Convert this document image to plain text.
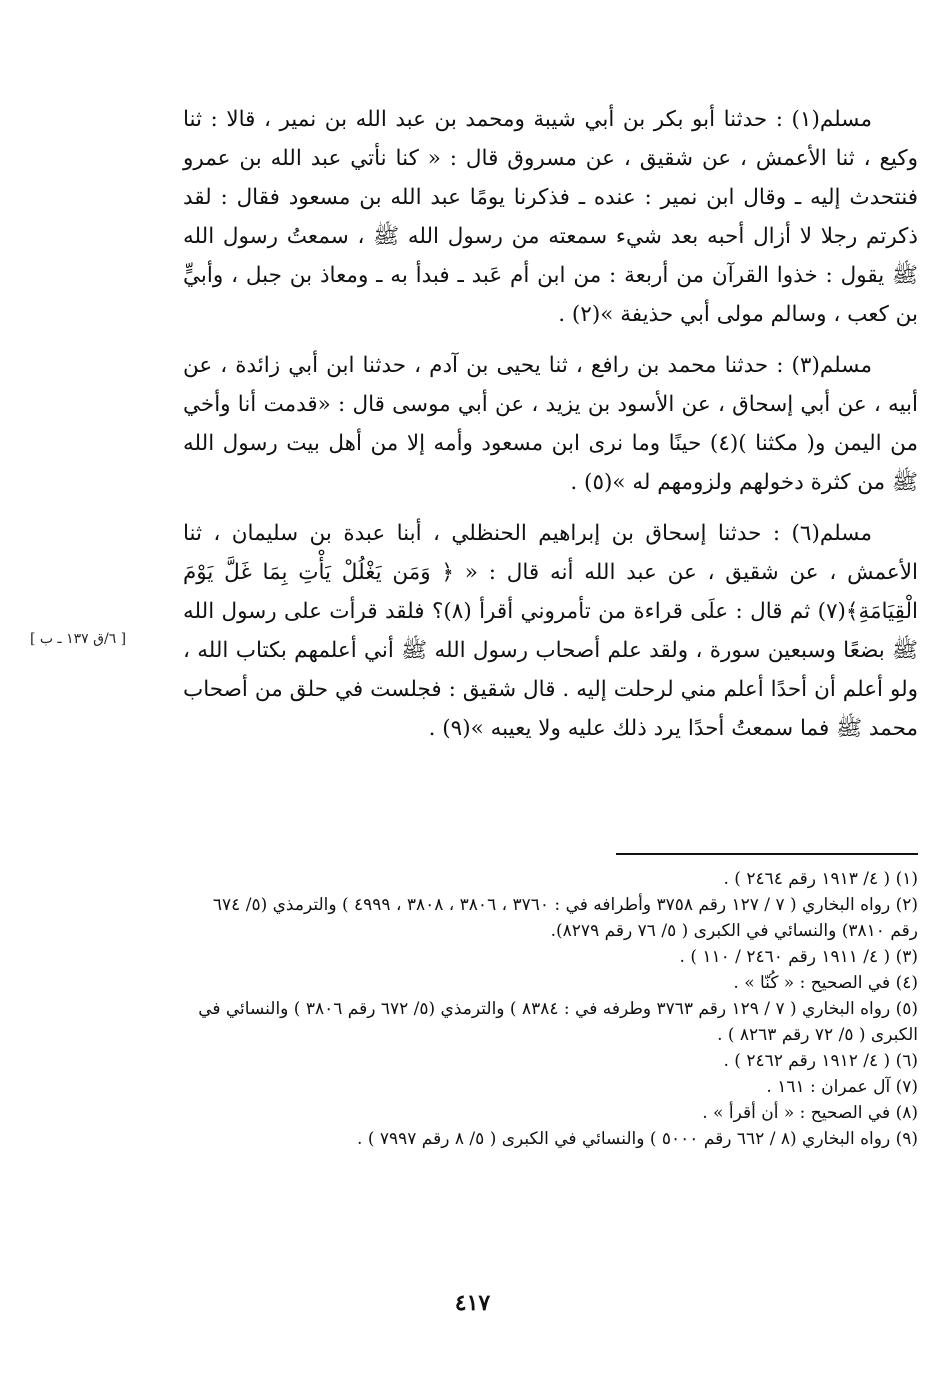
مسلم(١) : حدثنا أبو بكر بن أبي شيبة ومحمد بن عبد الله بن نمير ، قالا : ثنا وكيع ، ثنا الأعمش ، عن شقيق ، عن مسروق قال : « كنا نأتي عبد الله بن عمرو فنتحدث إليه ـ وقال ابن نمير : عنده ـ فذكرنا يومًا عبد الله بن مسعود فقال : لقد ذكرتم رجلا لا أزال أحبه بعد شيء سمعته من رسول الله ﷺ ، سمعتُ رسول الله ﷺ يقول : خذوا القرآن من أربعة : من ابن أم عَبد ـ فبدأ به ـ ومعاذ بن جبل ، وأبيٍّ بن كعب ، وسالم مولى أبي حذيفة »(٢) .

مسلم(٣) : حدثنا محمد بن رافع ، ثنا يحيى بن آدم ، حدثنا ابن أبي زائدة ، عن أبيه ، عن أبي إسحاق ، عن الأسود بن يزيد ، عن أبي موسى قال : «قدمت أنا وأخي من اليمن و( مكثنا )(٤) حينًا وما نرى ابن مسعود وأمه إلا من أهل بيت رسول الله ﷺ من كثرة دخولهم ولزومهم له »(٥) .

مسلم(٦) : حدثنا إسحاق بن إبراهيم الحنظلي ، أبنا عبدة بن سليمان ، ثنا الأعمش ، عن شقيق ، عن عبد الله أنه قال : « ﴿ وَمَن يَغْلُلْ يَأْتِ بِمَا غَلَّ يَوْمَ الْقِيَامَةِ﴾(٧) ثم قال : علَى قراءة من تأمروني أقرأ (٨)؟ فلقد قرأت على رسول الله ﷺ بضعًا وسبعين سورة ، ولقد علم أصحاب رسول الله ﷺ أني أعلمهم بكتاب الله ، ولو أعلم أن أحدًا أعلم مني لرحلت إليه . قال شقيق : فجلست في حلق من أصحاب محمد ﷺ فما سمعتُ أحدًا يرد ذلك عليه ولا يعيبه »(٩) .

[ ٦/ق ١٣٧ ـ ب ]
(١) ( ٤/ ١٩١٣ رقم ٢٤٦٤ ) .
(٢) رواه البخاري ( ٧ / ١٢٧ رقم ٣٧٥٨ وأطرافه في : ٣٧٦٠ ، ٣٨٠٦ ، ٣٨٠٨ ، ٤٩٩٩ ) والترمذي (٥/ ٦٧٤ رقم ٣٨١٠) والنسائي في الكبرى ( ٥/ ٧٦ رقم ٨٢٧٩).
(٣) ( ٤/ ١٩١١ رقم ٢٤٦٠ / ١١٠ ) .
(٤) في الصحيح : « كُنّا » .
(٥) رواه البخاري ( ٧ / ١٢٩ رقم ٣٧٦٣ وطرفه في : ٨٣٨٤ ) والترمذي (٥/ ٦٧٢ رقم ٣٨٠٦ ) والنسائي في الكبرى ( ٥/ ٧٢ رقم ٨٢٦٣ ) .
(٦) ( ٤/ ١٩١٢ رقم ٢٤٦٢ ) .
(٧) آل عمران : ١٦١ .
(٨) في الصحيح : « أن أقرأ » .
(٩) رواه البخاري (٨ / ٦٦٢ رقم ٥٠٠٠ ) والنسائي في الكبرى ( ٥/ ٨ رقم ٧٩٩٧ ) .
٤١٧
